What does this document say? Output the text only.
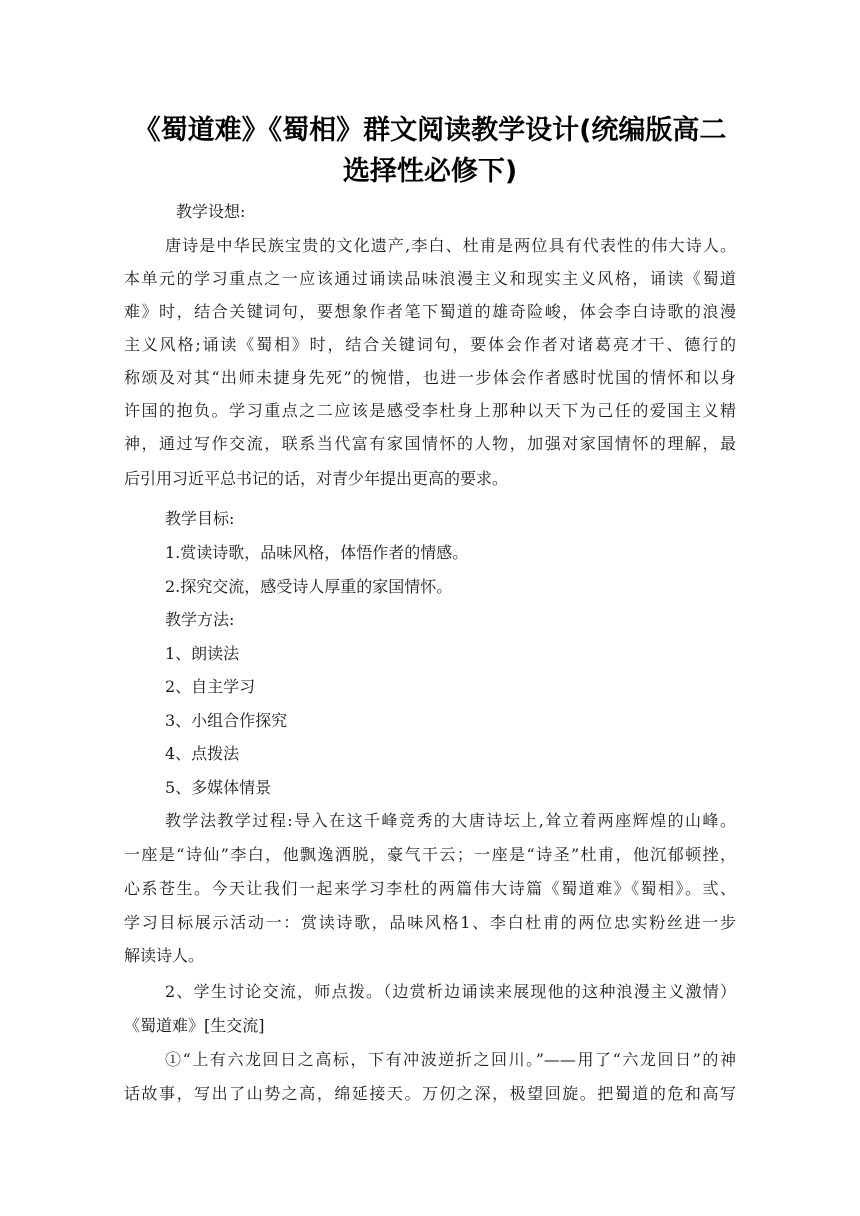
《蜀道难》《蜀相》群文阅读教学设计(统编版高二
选择性必修下)
教学设想:
唐诗是中华民族宝贵的文化遗产,李白、杜甫是两位具有代表性的伟大诗人。
本单元的学习重点之一应该通过诵读品味浪漫主义和现实主义风格，诵读《蜀道
难》时，结合关键词句，要想象作者笔下蜀道的雄奇险峻，体会李白诗歌的浪漫
主义风格;诵读《蜀相》时，结合关键词句，要体会作者对诸葛亮才干、德行的
称颂及对其“出师未捷身先死”的惋惜，也进一步体会作者感时忧国的情怀和以身
许国的抱负。学习重点之二应该是感受李杜身上那种以天下为己任的爱国主义精
神，通过写作交流，联系当代富有家国情怀的人物，加强对家国情怀的理解，最
后引用习近平总书记的话，对青少年提出更高的要求。
教学目标:
1.赏读诗歌，品味风格，体悟作者的情感。
2.探究交流，感受诗人厚重的家国情怀。
教学方法:
1、朗读法
2、自主学习
3、小组合作探究
4、点拨法
5、多媒体情景
教学法教学过程:导入在这千峰竞秀的大唐诗坛上,耸立着两座辉煌的山峰。
一座是“诗仙”李白，他飘逸洒脱，豪气干云；一座是“诗圣”杜甫，他沉郁顿挫，
心系苍生。今天让我们一起来学习李杜的两篇伟大诗篇《蜀道难》《蜀相》。弎、
学习目标展示活动一：赏读诗歌，品味风格1、李白杜甫的两位忠实粉丝进一步
解读诗人。
2、学生讨论交流，师点拨。（边赏析边诵读来展现他的这种浪漫主义激情）
《蜀道难》[生交流]
①“上有六龙回日之高标，下有冲波逆折之回川。”——用了“六龙回日”的神
话故事，写出了山势之高，绵延接天。万仞之深，极望回旋。把蜀道的危和高写
